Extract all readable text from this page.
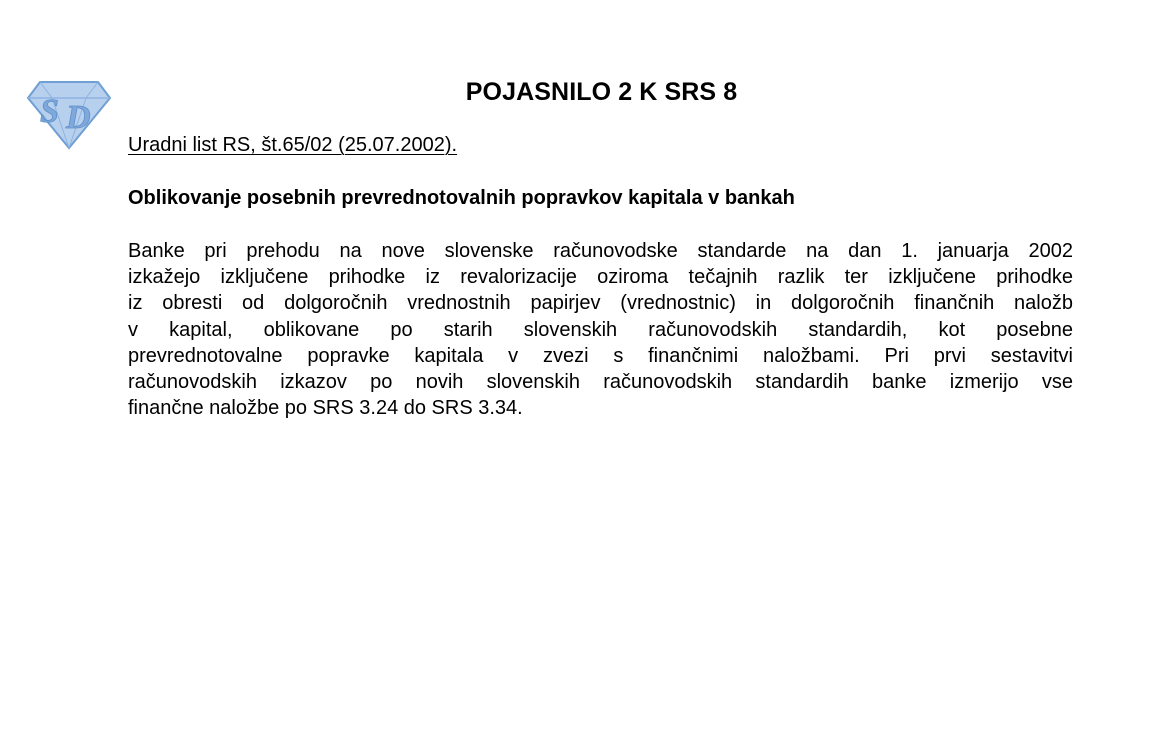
S D
POJASNILO 2 K SRS 8
Uradni list RS, št.65/02 (25.07.2002).
Oblikovanje posebnih prevrednotovalnih popravkov kapitala v bankah
Banke pri prehodu na nove slovenske računovodske standarde na dan 1. januarja 2002
izkažejo izključene prihodke iz revalorizacije oziroma tečajnih razlik ter izključene prihodke
iz obresti od dolgoročnih vrednostnih papirjev (vrednostnic) in dolgoročnih finančnih naložb
v kapital, oblikovane po starih slovenskih računovodskih standardih, kot posebne
prevrednotovalne popravke kapitala v zvezi s finančnimi naložbami. Pri prvi sestavitvi
računovodskih izkazov po novih slovenskih računovodskih standardih banke izmerijo vse
finančne naložbe po SRS 3.24 do SRS 3.34.
